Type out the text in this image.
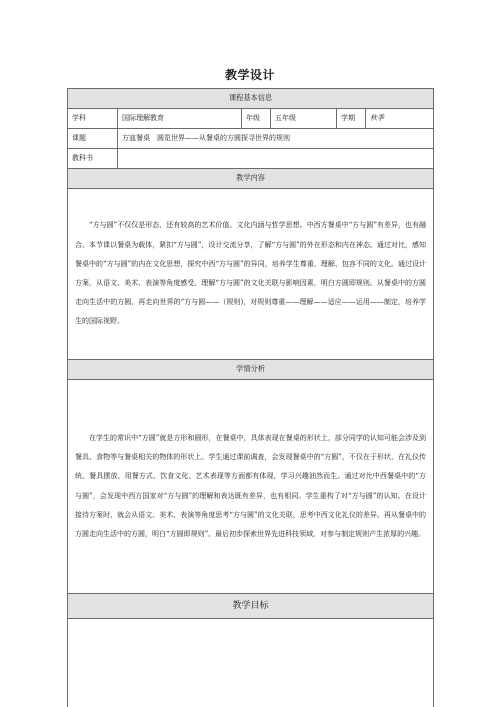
教学设计
课程基本信息					
学科	国际理解教育	年级	五年级	学期	秋季
课题	方寇餐桌　圆览世界——从餐桌的方圆探寻世界的规则				
教科书					
教学内容					

“方与圆”不仅仅是形态，还有较高的艺术价值、文化内涵与哲学思想。中西方餐桌中“方与圆”有差异，也有融合。本节课以餐桌为载体，紧扣“方与圆”，设计交流分享，了解“方与圆”的外在形态和内在神态。通过对比，感知餐桌中的“方与圆”的内在文化思想，探究中西“方与圆”的异同，培养学生尊重、理解、包容不同的文化。通过设计方案，从语文、美术、表演等角度感受、理解“方与圆”的文化关联与影响因素，明白方圆即规则。从餐桌中的方圆走向生活中的方圆，再走向世界的“方与圆——（规则)，对规则尊重——理解——适应——运用——制定，培养学生的国际视野。					

学情分析					

在学生的常识中“方圆”就是方形和圆形，在餐桌中，具体表现在餐桌的形状上，部分同学的认知可能会涉及到餐具、食物等与餐桌相关的物体的形状上。学生通过课前调查，会发现餐桌中的“方圆”，不仅在于形状，在礼仪传统、餐具摆放、用餐方式、饮食文化、艺术表现等方面都有体现，学习兴趣油然而生。通过对比中西餐桌中的“方与圆”，会发现中西方国家对“方与圆”的理解和表达既有差异，也有相同。学生重构了对“方与圆”的认知，在设计接待方案时，就会从语文、美术、表演等角度思考“方与圆”的文化关联，思考中西文化礼仪的差异。再从餐桌中的方圆走向生活中的方圆，明白“方圆即规则”。最后初步探索世界先进科技领域，对参与制定规则产生浓厚的兴趣。					

教学目标					
